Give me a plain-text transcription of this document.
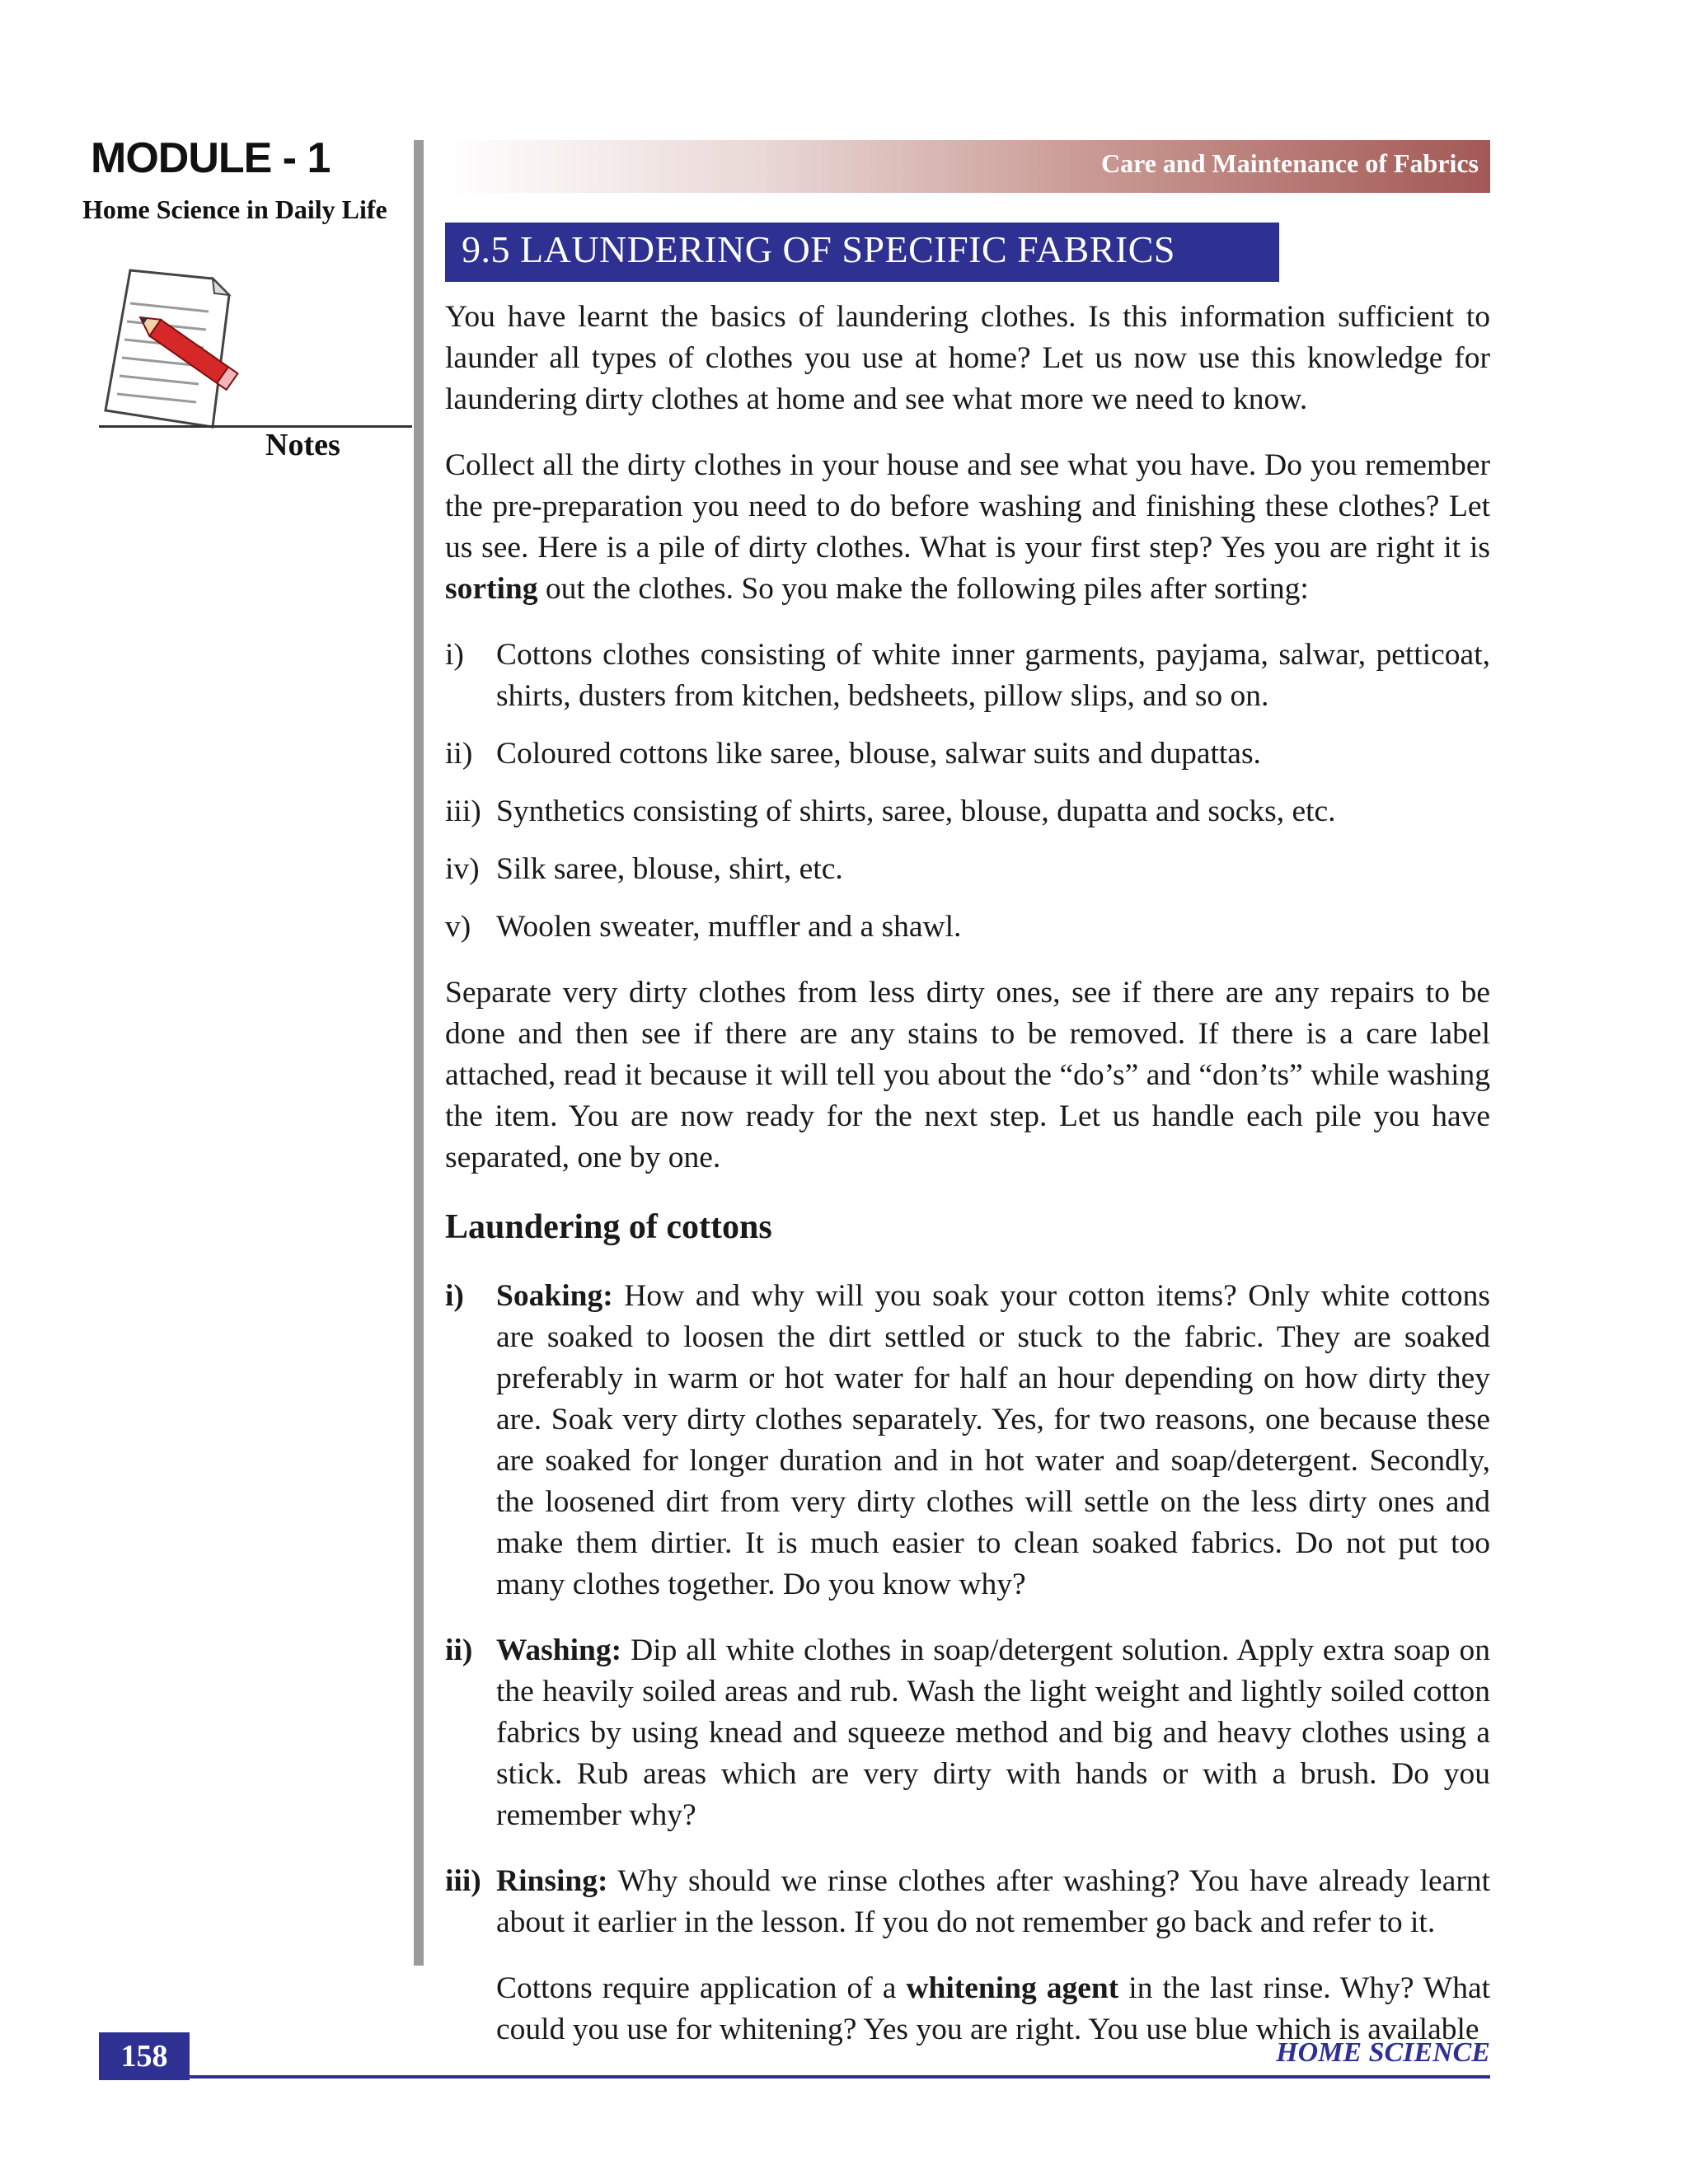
MODULE - 1
Home Science in Daily Life
Notes
Care and Maintenance of Fabrics
9.5 LAUNDERING OF SPECIFIC FABRICS

You have learnt the basics of laundering clothes. Is this information sufficient to launder all types of clothes you use at home? Let us now use this knowledge for laundering dirty clothes at home and see what more we need to know.

Collect all the dirty clothes in your house and see what you have. Do you remember the pre-preparation you need to do before washing and finishing these clothes? Let us see. Here is a pile of dirty clothes. What is your first step? Yes you are right it is sorting out the clothes. So you make the following piles after sorting:

i)	Cottons clothes consisting of white inner garments, payjama, salwar, petticoat, shirts, dusters from kitchen, bedsheets, pillow slips, and so on.
ii) Coloured cottons like saree, blouse, salwar suits and dupattas.
iii) Synthetics consisting of shirts, saree, blouse, dupatta and socks, etc.
iv) Silk saree, blouse, shirt, etc.
v) Woolen sweater, muffler and a shawl.

Separate very dirty clothes from less dirty ones, see if there are any repairs to be done and then see if there are any stains to be removed. If there is a care label attached, read it because it will tell you about the “do’s” and “don’ts” while washing the item. You are now ready for the next step. Let us handle each pile you have separated, one by one.

Laundering of cottons
i)	Soaking: How and why will you soak your cotton items? Only white cottons are soaked to loosen the dirt settled or stuck to the fabric. They are soaked preferably in warm or hot water for half an hour depending on how dirty they are. Soak very dirty clothes separately. Yes, for two reasons, one because these are soaked for longer duration and in hot water and soap/detergent. Secondly, the loosened dirt from very dirty clothes will settle on the less dirty ones and make them dirtier. It is much easier to clean soaked fabrics. Do not put too many clothes together. Do you know why?
ii) Washing: Dip all white clothes in soap/detergent solution. Apply extra soap on the heavily soiled areas and rub. Wash the light weight and lightly soiled cotton fabrics by using knead and squeeze method and big and heavy clothes using a stick. Rub areas which are very dirty with hands or with a brush. Do you remember why?
iii) Rinsing: Why should we rinse clothes after washing? You have already learnt about it earlier in the lesson. If you do not remember go back and refer to it.

Cottons require application of a whitening agent in the last rinse. Why? What could you use for whitening? Yes you are right. You use blue which is available

158	HOME SCIENCE
